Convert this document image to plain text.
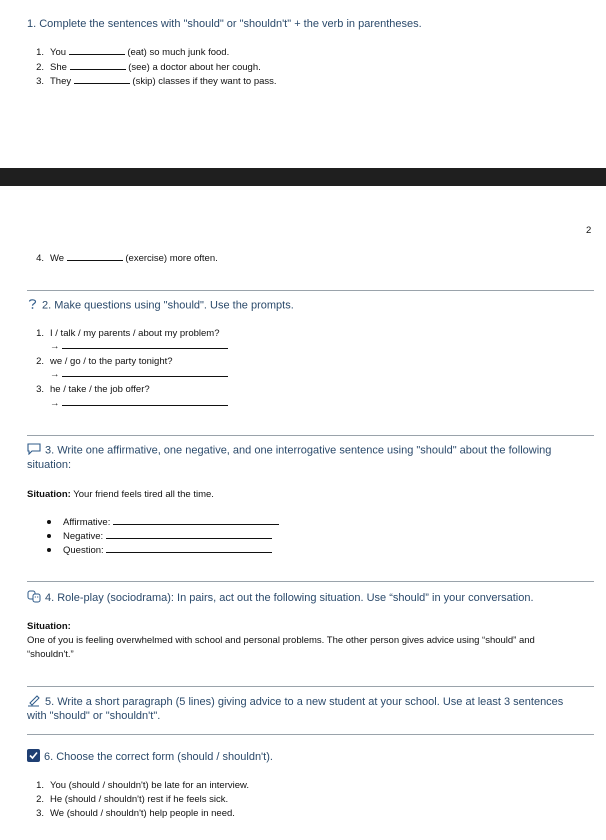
1. Complete the sentences with "should" or "shouldn't" + the verb in parentheses.
1. You	(eat) so much junk food.
2. She	(see) a doctor about her cough.
3. They	(skip) classes if they want to pass.
2
4. We	(exercise) more often.
2. Make questions using "should". Use the prompts.
1. I / talk / my parents / about my problem?
→
2. we / go / to the party tonight?
→
3. he / take / the job offer?
→
3. Write one affirmative, one negative, and one interrogative sentence using "should" about the following
situation:
Situation: Your friend feels tired all the time.
Affirmative:
Negative:
Question:
4. Role-play (sociodrama): In pairs, act out the following situation. Use “should” in your conversation.
Situation:
One of you is feeling overwhelmed with school and personal problems. The other person gives advice using “should” and
“shouldn't.”
5. Write a short paragraph (5 lines) giving advice to a new student at your school. Use at least 3 sentences
with "should" or "shouldn't".
6. Choose the correct form (should / shouldn't).
1. You (should / shouldn't) be late for an interview.
2. He (should / shouldn't) rest if he feels sick.
3. We (should / shouldn't) help people in need.
